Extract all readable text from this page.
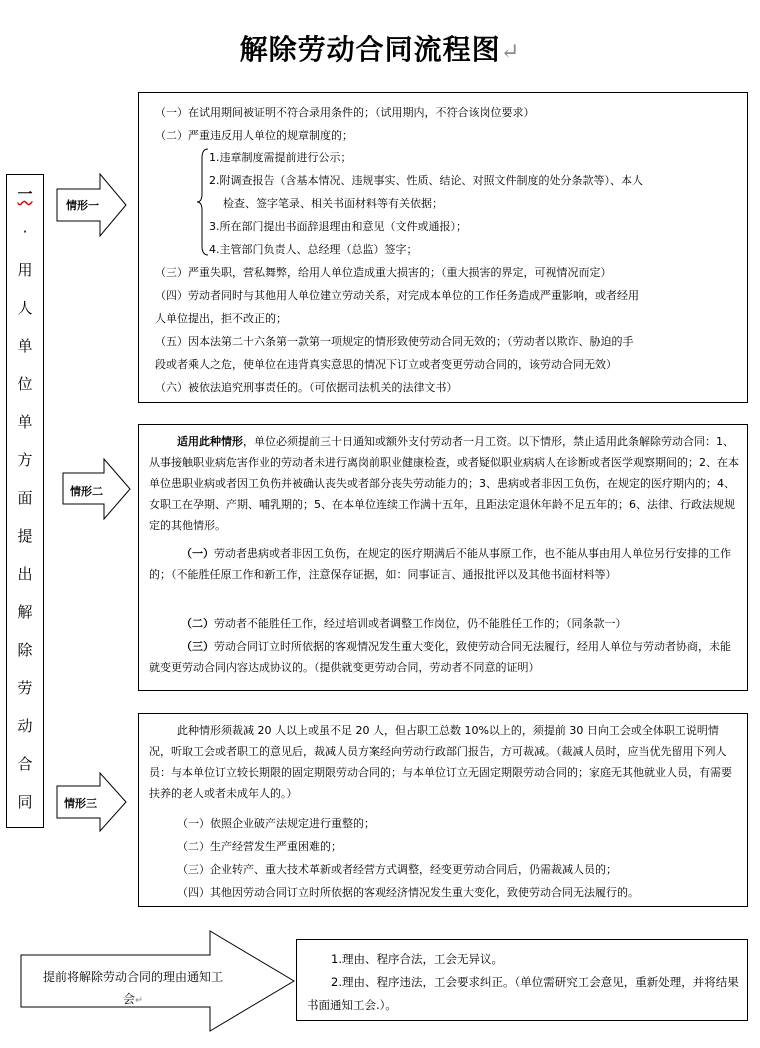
解除劳动合同流程图↵
一
·
用
人
单
位
单
方
面
提
出
解
除
劳
动
合
同
情形一
情形二
情形三
（一）在试用期间被证明不符合录用条件的；（试用期内，不符合该岗位要求）
（二）严重违反用人单位的规章制度的；
1.违章制度需提前进行公示；
2.附调查报告（含基本情况、违规事实、性质、结论、对照文件制度的处分条款等）、本人
检查、签字笔录、相关书面材料等有关依据；
3.所在部门提出书面辞退理由和意见（文件或通报）；
4.主管部门负责人、总经理（总监）签字；
（三）严重失职，营私舞弊，给用人单位造成重大损害的；（重大损害的界定，可视情况而定）
（四）劳动者同时与其他用人单位建立劳动关系，对完成本单位的工作任务造成严重影响，或者经用
人单位提出，拒不改正的；
（五）因本法第二十六条第一款第一项规定的情形致使劳动合同无效的；（劳动者以欺诈、胁迫的手
段或者乘人之危，使单位在违背真实意思的情况下订立或者变更劳动合同的，该劳动合同无效）
（六）被依法追究刑事责任的。（可依据司法机关的法律文书）
适用此种情形，单位必须提前三十日通知或额外支付劳动者一月工资。以下情形，禁止适用此条解除劳动合同：1、从事接触职业病危害作业的劳动者未进行离岗前职业健康检查，或者疑似职业病病人在诊断或者医学观察期间的；2、在本单位患职业病或者因工负伤并被确认丧失或者部分丧失劳动能力的；3、患病或者非因工负伤，在规定的医疗期内的；4、女职工在孕期、产期、哺乳期的；5、在本单位连续工作满十五年，且距法定退休年龄不足五年的；6、法律、行政法规规定的其他情形。
（一）劳动者患病或者非因工负伤，在规定的医疗期满后不能从事原工作，也不能从事由用人单位另行安排的工作的；（不能胜任原工作和新工作，注意保存证据，如：同事证言、通报批评以及其他书面材料等）
（二）劳动者不能胜任工作，经过培训或者调整工作岗位，仍不能胜任工作的；（同条款一）
（三）劳动合同订立时所依据的客观情况发生重大变化，致使劳动合同无法履行，经用人单位与劳动者协商，未能就变更劳动合同内容达成协议的。（提供就变更劳动合同，劳动者不同意的证明）
此种情形须裁减 20 人以上或虽不足 20 人，但占职工总数 10%以上的，须提前 30 日向工会或全体职工说明情况，听取工会或者职工的意见后，裁减人员方案经向劳动行政部门报告，方可裁减。（裁减人员时，应当优先留用下列人员：与本单位订立较长期限的固定期限劳动合同的；与本单位订立无固定期限劳动合同的；家庭无其他就业人员，有需要扶养的老人或者未成年人的。）
（一）依照企业破产法规定进行重整的；
（二）生产经营发生严重困难的；
（三）企业转产、重大技术革新或者经营方式调整，经变更劳动合同后，仍需裁减人员的；
（四）其他因劳动合同订立时所依据的客观经济情况发生重大变化，致使劳动合同无法履行的。
提前将解除劳动合同的理由通知工会↵
1.理由、程序合法，工会无异议。
2.理由、程序违法，工会要求纠正。（单位需研究工会意见，重新处理，并将结果书面通知工会.）。
